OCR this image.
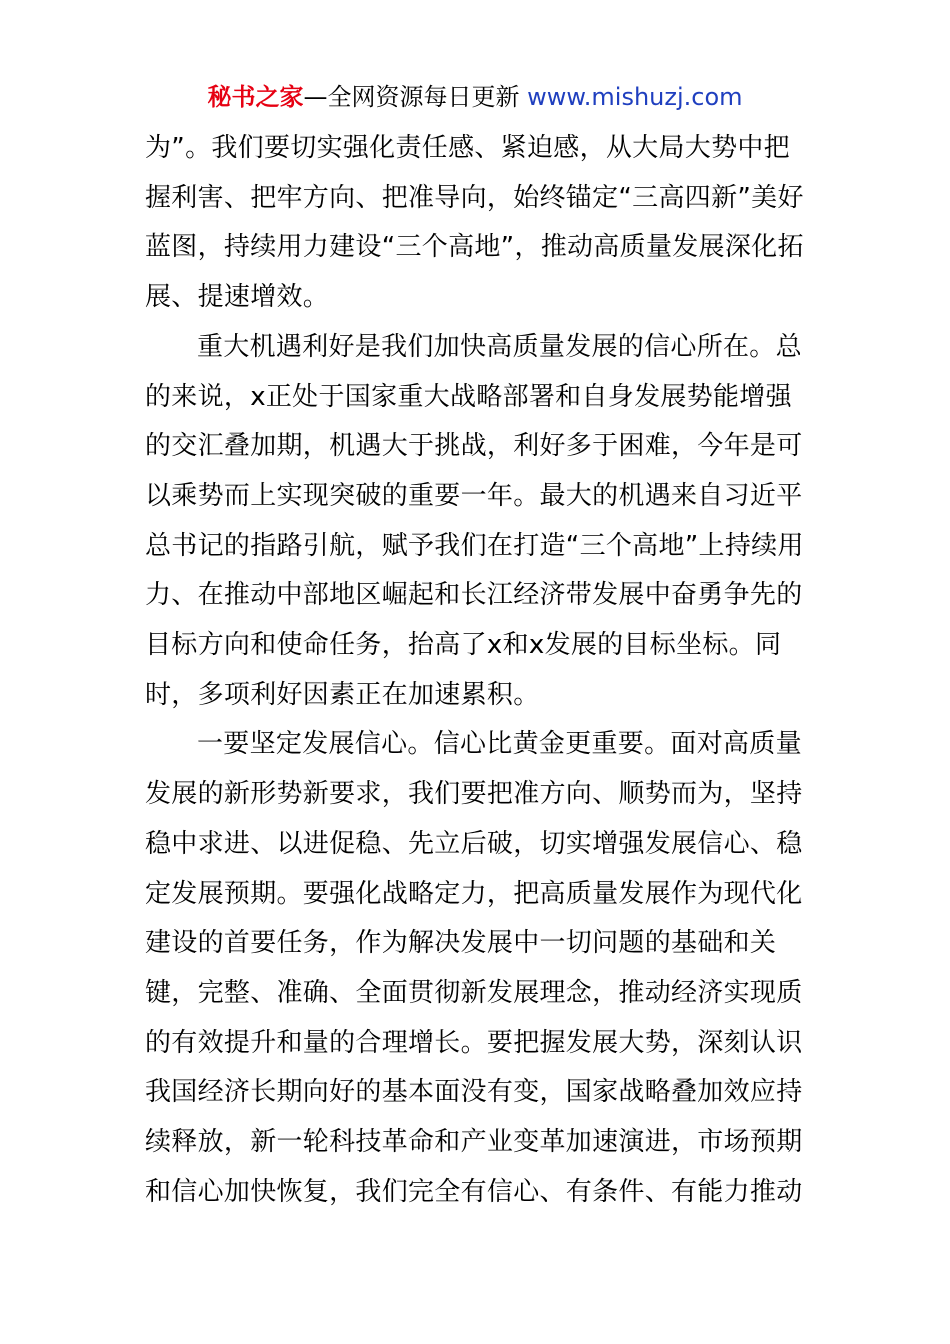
秘书之家—全网资源每日更新 www.mishuzj.com

为”。我们要切实强化责任感、紧迫感，从大局大势中把握利害、把牢方向、把准导向，始终锚定“三高四新”美好蓝图，持续用力建设“三个高地”，推动高质量发展深化拓展、提速增效。

重大机遇利好是我们加快高质量发展的信心所在。总的来说，x正处于国家重大战略部署和自身发展势能增强的交汇叠加期，机遇大于挑战，利好多于困难，今年是可以乘势而上实现突破的重要一年。最大的机遇来自习近平总书记的指路引航，赋予我们在打造“三个高地”上持续用力、在推动中部地区崛起和长江经济带发展中奋勇争先的目标方向和使命任务，抬高了x和x发展的目标坐标。同时，多项利好因素正在加速累积。

一要坚定发展信心。信心比黄金更重要。面对高质量发展的新形势新要求，我们要把准方向、顺势而为，坚持稳中求进、以进促稳、先立后破，切实增强发展信心、稳定发展预期。要强化战略定力，把高质量发展作为现代化建设的首要任务，作为解决发展中一切问题的基础和关键，完整、准确、全面贯彻新发展理念，推动经济实现质的有效提升和量的合理增长。要把握发展大势，深刻认识我国经济长期向好的基本面没有变，国家战略叠加效应持续释放，新一轮科技革命和产业变革加速演进，市场预期和信心加快恢复，我们完全有信心、有条件、有能力推动
